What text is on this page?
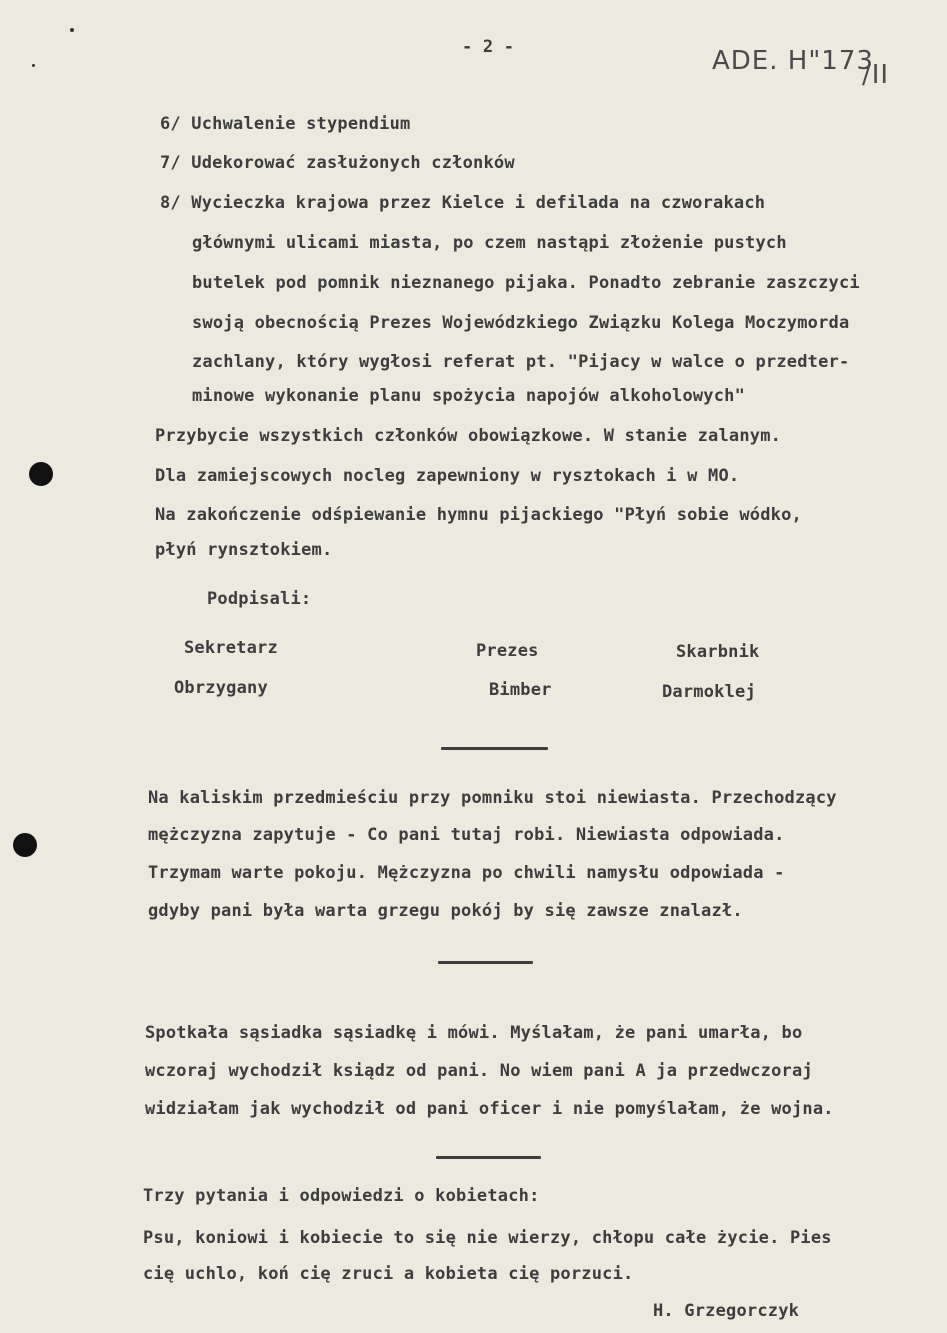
- 2 -	ADE. H"173
/II
6/ Uchwalenie stypendium
7/ Udekorować zasłużonych członków
8/ Wycieczka krajowa przez Kielce i defilada na czworakach
głównymi ulicami miasta, po czem nastąpi złożenie pustych
butelek pod pomnik nieznanego pijaka. Ponadto zebranie zaszczyci
swoją obecnością Prezes Wojewódzkiego Związku Kolega Moczymorda
zachlany, który wygłosi referat pt. "Pijacy w walce o przedter-
minowe wykonanie planu spożycia napojów alkoholowych"
Przybycie wszystkich członków obowiązkowe. W stanie zalanym.
Dla zamiejscowych nocleg zapewniony w rysztokach i w MO.
Na zakończenie odśpiewanie hymnu pijackiego "Płyń sobie wódko,
płyń rynsztokiem.
Podpisali:
Sekretarz	Prezes	Skarbnik
Obrzygany	Bimber	Darmoklej
Na kaliskim przedmieściu przy pomniku stoi niewiasta. Przechodzący
mężczyzna zapytuje - Co pani tutaj robi. Niewiasta odpowiada.
Trzymam warte pokoju. Mężczyzna po chwili namysłu odpowiada -
gdyby pani była warta grzegu pokój by się zawsze znalazł.
Spotkała sąsiadka sąsiadkę i mówi. Myślałam, że pani umarła, bo
wczoraj wychodził ksiądz od pani. No wiem pani A ja przedwczoraj
widziałam jak wychodził od pani oficer i nie pomyślałam, że wojna.
Trzy pytania i odpowiedzi o kobietach:
Psu, koniowi i kobiecie to się nie wierzy, chłopu całe życie. Pies
cię uchlo, koń cię zruci a kobieta cię porzuci.
H. Grzegorczyk
